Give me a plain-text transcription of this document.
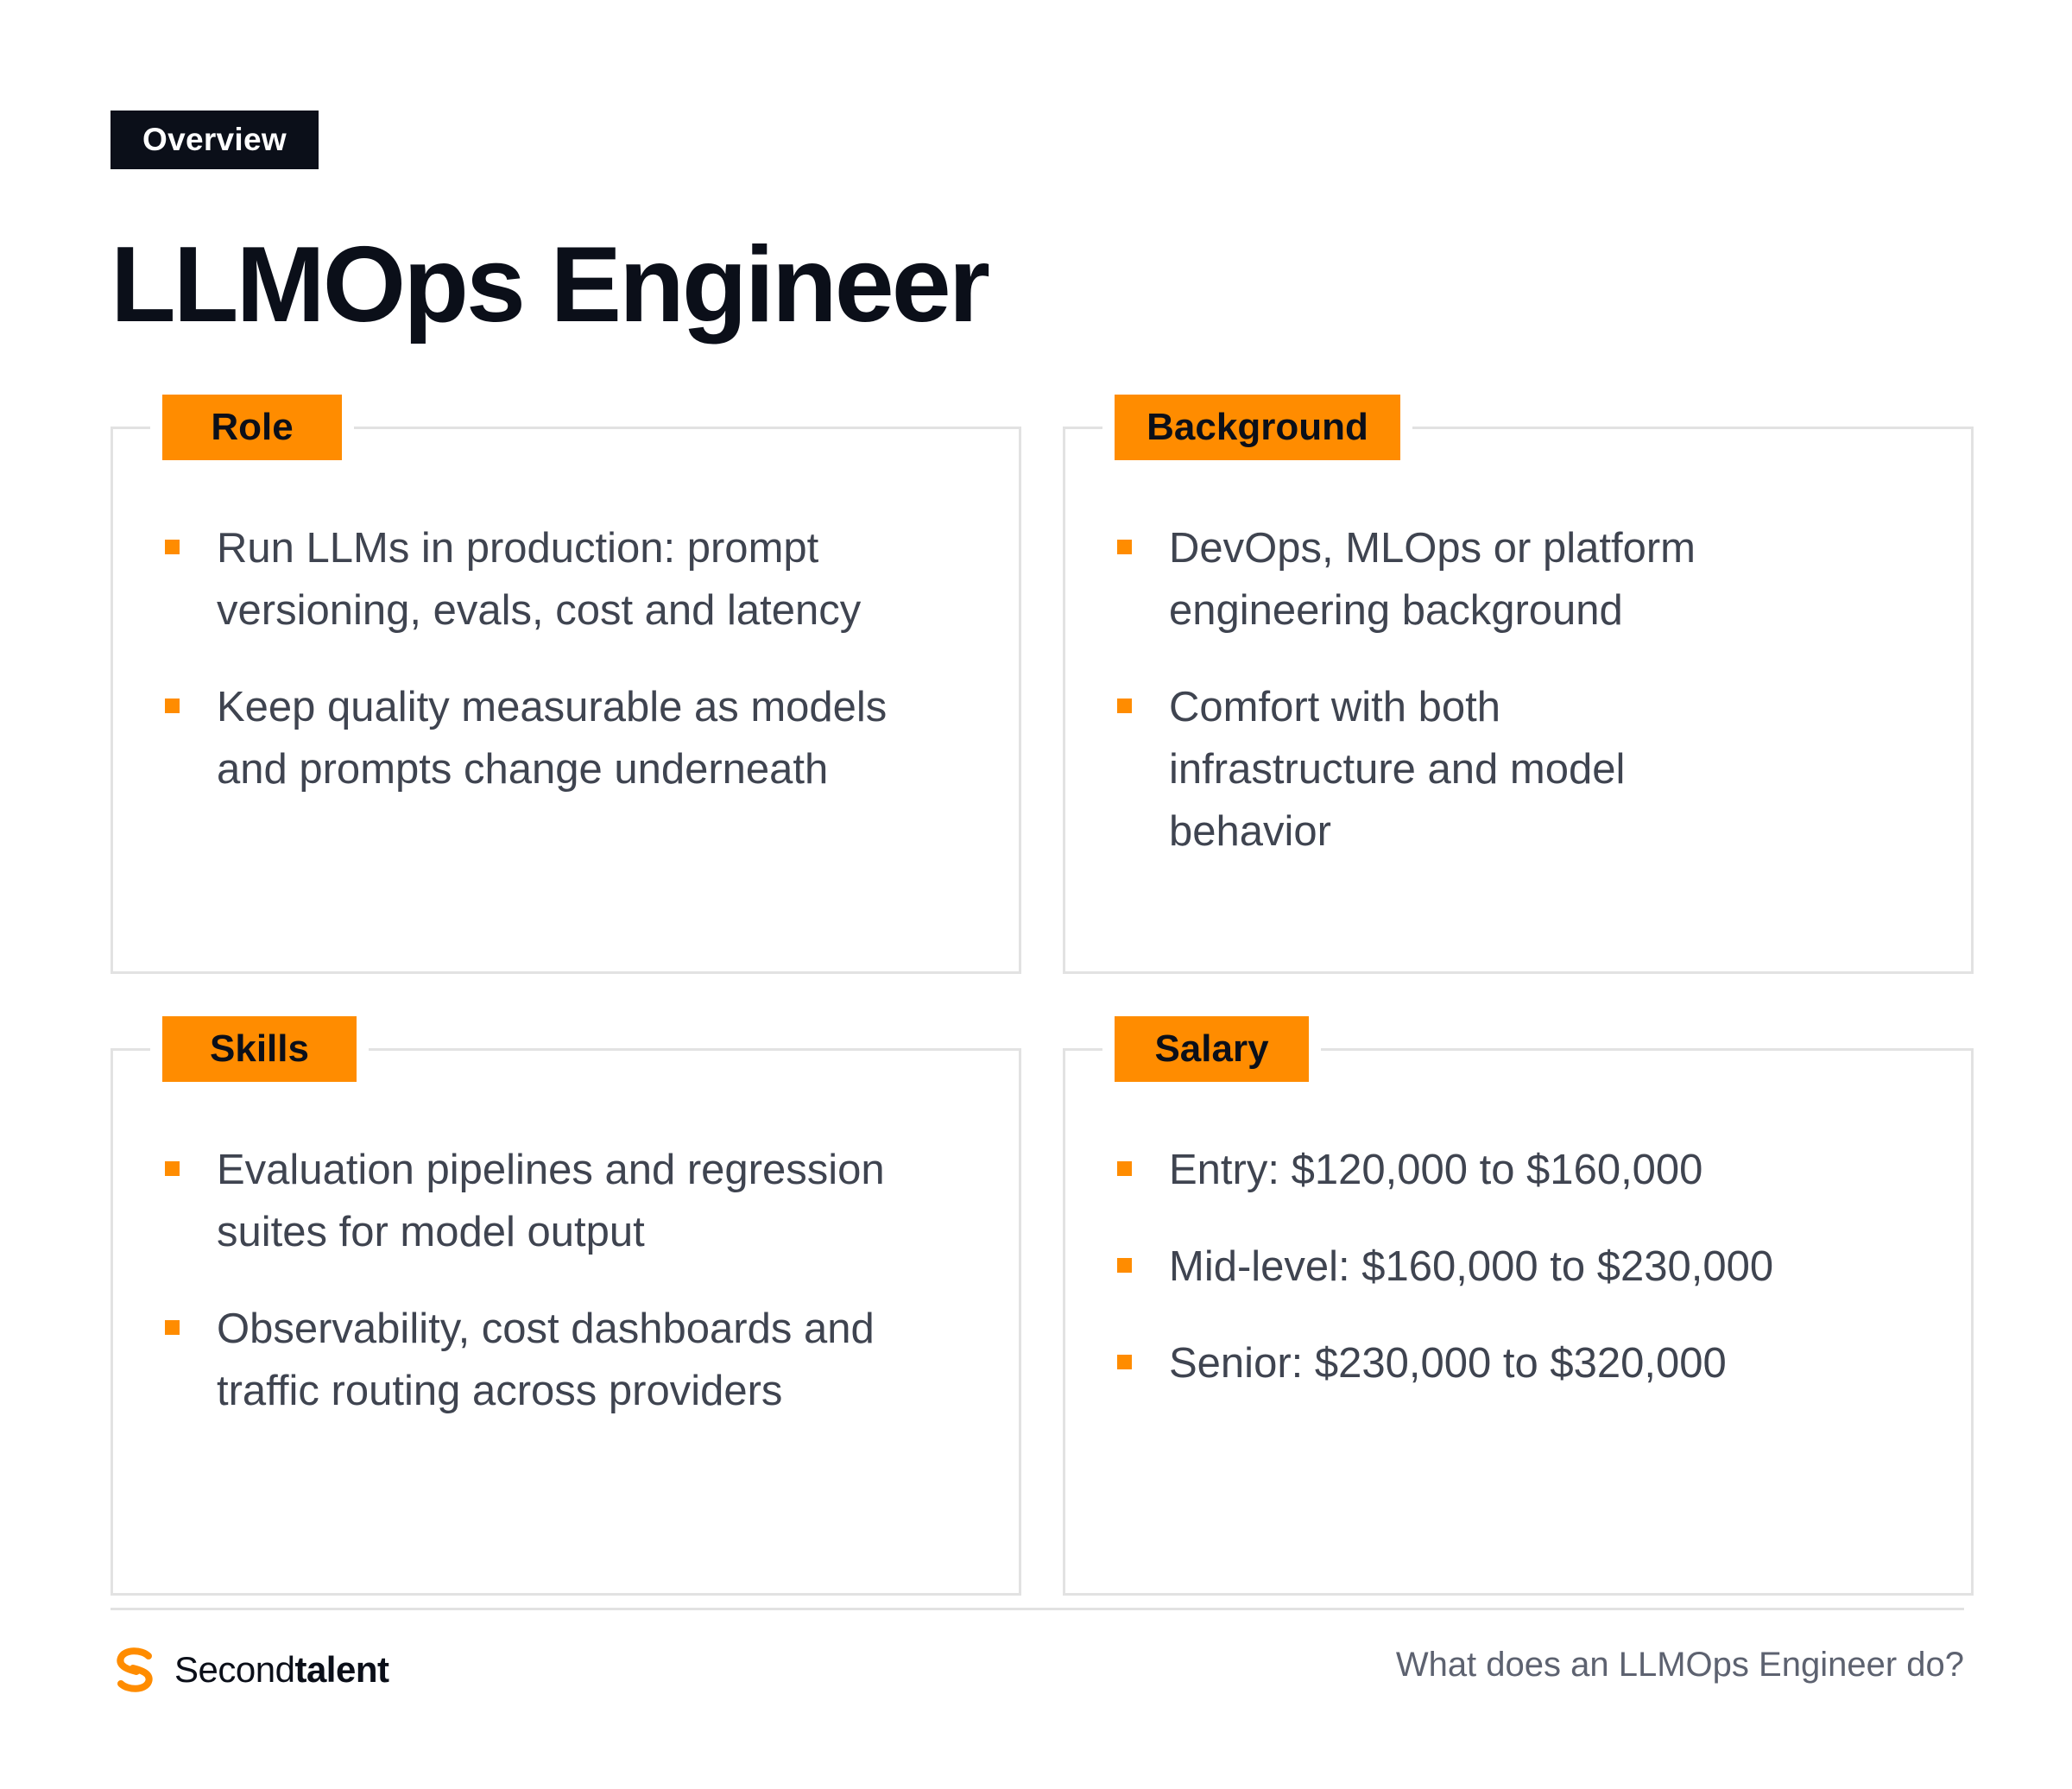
Overview
LLMOps Engineer
Role
Run LLMs in production: prompt versioning, evals, cost and latency
Keep quality measurable as models and prompts change underneath
Background
DevOps, MLOps or platform engineering background
Comfort with both infrastructure and model behavior
Skills
Evaluation pipelines and regression suites for model output
Observability, cost dashboards and traffic routing across providers
Salary
Entry: $120,000 to $160,000
Mid-level: $160,000 to $230,000
Senior: $230,000 to $320,000
Secondtalent	What does an LLMOps Engineer do?
